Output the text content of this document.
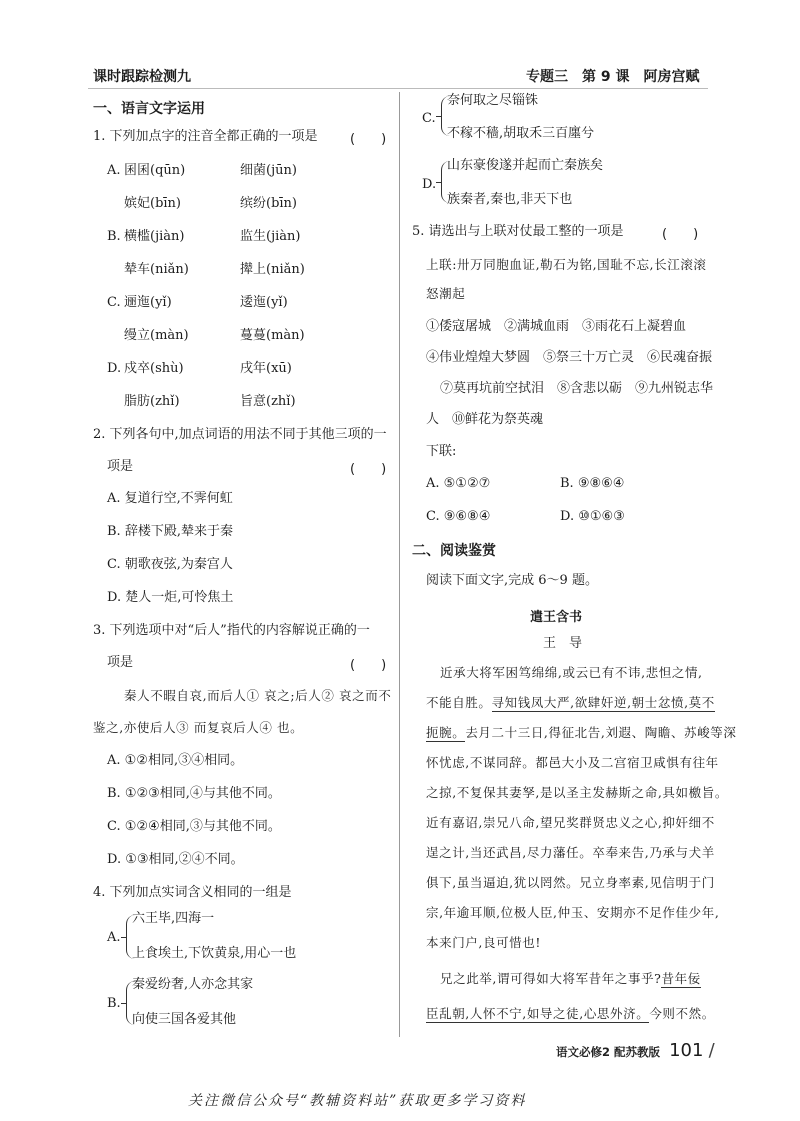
课时跟踪检测九	专题三　第 9 课　阿房宫赋
一、语言文字运用
1. 下列加点字的注音全都正确的一项是 (　　)
A. 囷囷(qūn)	细菌(jūn)
嫔妃(bīn)	缤纷(bīn)
B. 横槛(jiàn)	监生(jiàn)
辇车(niǎn)	撵上(niǎn)
C. 逦迤(yǐ)	逶迤(yǐ)
缦立(màn)	蔓蔓(màn)
D. 戍卒(shù)	戌年(xū)
脂肪(zhǐ)	旨意(zhǐ)
2. 下列各句中,加点词语的用法不同于其他三项的一
项是	(　　)
A. 复道行空,不霁何虹
B. 辞楼下殿,辇来于秦
C. 朝歌夜弦,为秦宫人
D. 楚人一炬,可怜焦土
3. 下列选项中对“后人”指代的内容解说正确的一
项是	(　　)
秦人不暇自哀,而后人① 哀之;后人② 哀之而不
鉴之,亦使后人③ 而复哀后人④ 也。
A. ①②相同,③④相同。
B. ①②③相同,④与其他不同。
C. ①②④相同,③与其他不同。
D. ①③相同,②④不同。
4. 下列加点实词含义相同的一组是
A.
六王毕,四海一
上食埃土,下饮黄泉,用心一也
B.
秦爱纷奢,人亦念其家
向使三国各爱其他
C.
奈何取之尽锱铢
不稼不穑,胡取禾三百廛兮
D.
山东豪俊遂并起而亡秦族矣
族秦者,秦也,非天下也
5. 请选出与上联对仗最工整的一项是	(　　)
上联:卅万同胞血证,勒石为铭,国耻不忘,长江滚滚
怒潮起
①倭寇屠城　②满城血雨　③雨花石上凝碧血
④伟业煌煌大梦圆　⑤祭三十万亡灵　⑥民魂奋振
⑦莫再坑前空拭泪　⑧含悲以砺　⑨九州锐志华
人　⑩鲜花为祭英魂
下联:
A. ⑤①②⑦	B. ⑨⑧⑥④
C. ⑨⑥⑧④	D. ⑩①⑥③
二、阅读鉴赏
阅读下面文字,完成 6～9 题。
遣王含书
王　导
近承大将军困笃绵绵,或云已有不讳,悲怛之情,
不能自胜。寻知钱凤大严,欲肆奸逆,朝士忿愤,莫不
扼腕。去月二十三日,得征北告,刘遐、陶瞻、苏峻等深
怀忧虑,不谋同辞。都邑大小及二宫宿卫咸惧有往年
之掠,不复保其妻孥,是以圣主发赫斯之命,具如檄旨。
近有嘉诏,崇兄八命,望兄奖群贤忠义之心,抑奸细不
逞之计,当还武昌,尽力藩任。卒奉来告,乃承与犬羊
俱下,虽当逼迫,犹以罔然。兄立身率素,见信明于门
宗,年逾耳顺,位极人臣,仲玉、安期亦不足作佳少年,
本来门户,良可惜也!
兄之此举,谓可得如大将军昔年之事乎?昔年佞
臣乱朝,人怀不宁,如导之徒,心思外济。今则不然。
语文必修2 配苏教版 101 /
关注微信公众号“教辅资料站”获取更多学习资料
